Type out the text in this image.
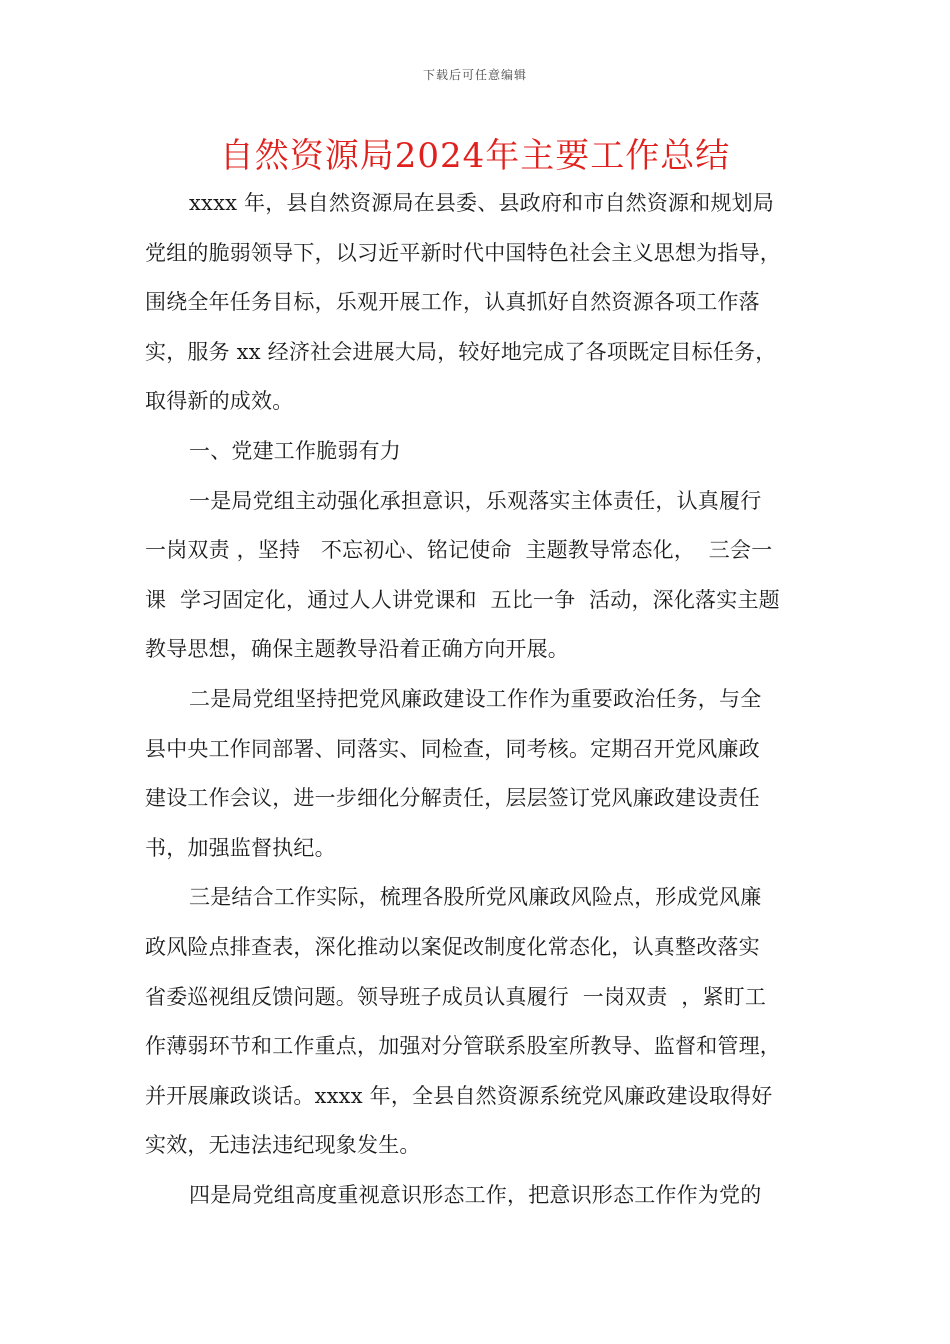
下载后可任意编辑
自然资源局2024年主要工作总结
xxxx 年，县自然资源局在县委、县政府和市自然资源和规划局
党组的脆弱领导下，以习近平新时代中国特色社会主义思想为指导，
围绕全年任务目标，乐观开展工作，认真抓好自然资源各项工作落
实，服务 xx 经济社会进展大局，较好地完成了各项既定目标任务，
取得新的成效。
一、党建工作脆弱有力
一是局党组主动强化承担意识，乐观落实主体责任，认真履行
一岗双责 ，坚持   不忘初心、铭记使命  主题教导常态化，  三会一
课  学习固定化，通过人人讲党课和  五比一争  活动，深化落实主题
教导思想，确保主题教导沿着正确方向开展。
二是局党组坚持把党风廉政建设工作作为重要政治任务，与全
县中央工作同部署、同落实、同检查，同考核。定期召开党风廉政
建设工作会议，进一步细化分解责任，层层签订党风廉政建设责任
书，加强监督执纪。
三是结合工作实际，梳理各股所党风廉政风险点，形成党风廉
政风险点排查表，深化推动以案促改制度化常态化，认真整改落实
省委巡视组反馈问题。领导班子成员认真履行  一岗双责  ，紧盯工
作薄弱环节和工作重点，加强对分管联系股室所教导、监督和管理，
并开展廉政谈话。xxxx 年，全县自然资源系统党风廉政建设取得好
实效，无违法违纪现象发生。
四是局党组高度重视意识形态工作，把意识形态工作作为党的
